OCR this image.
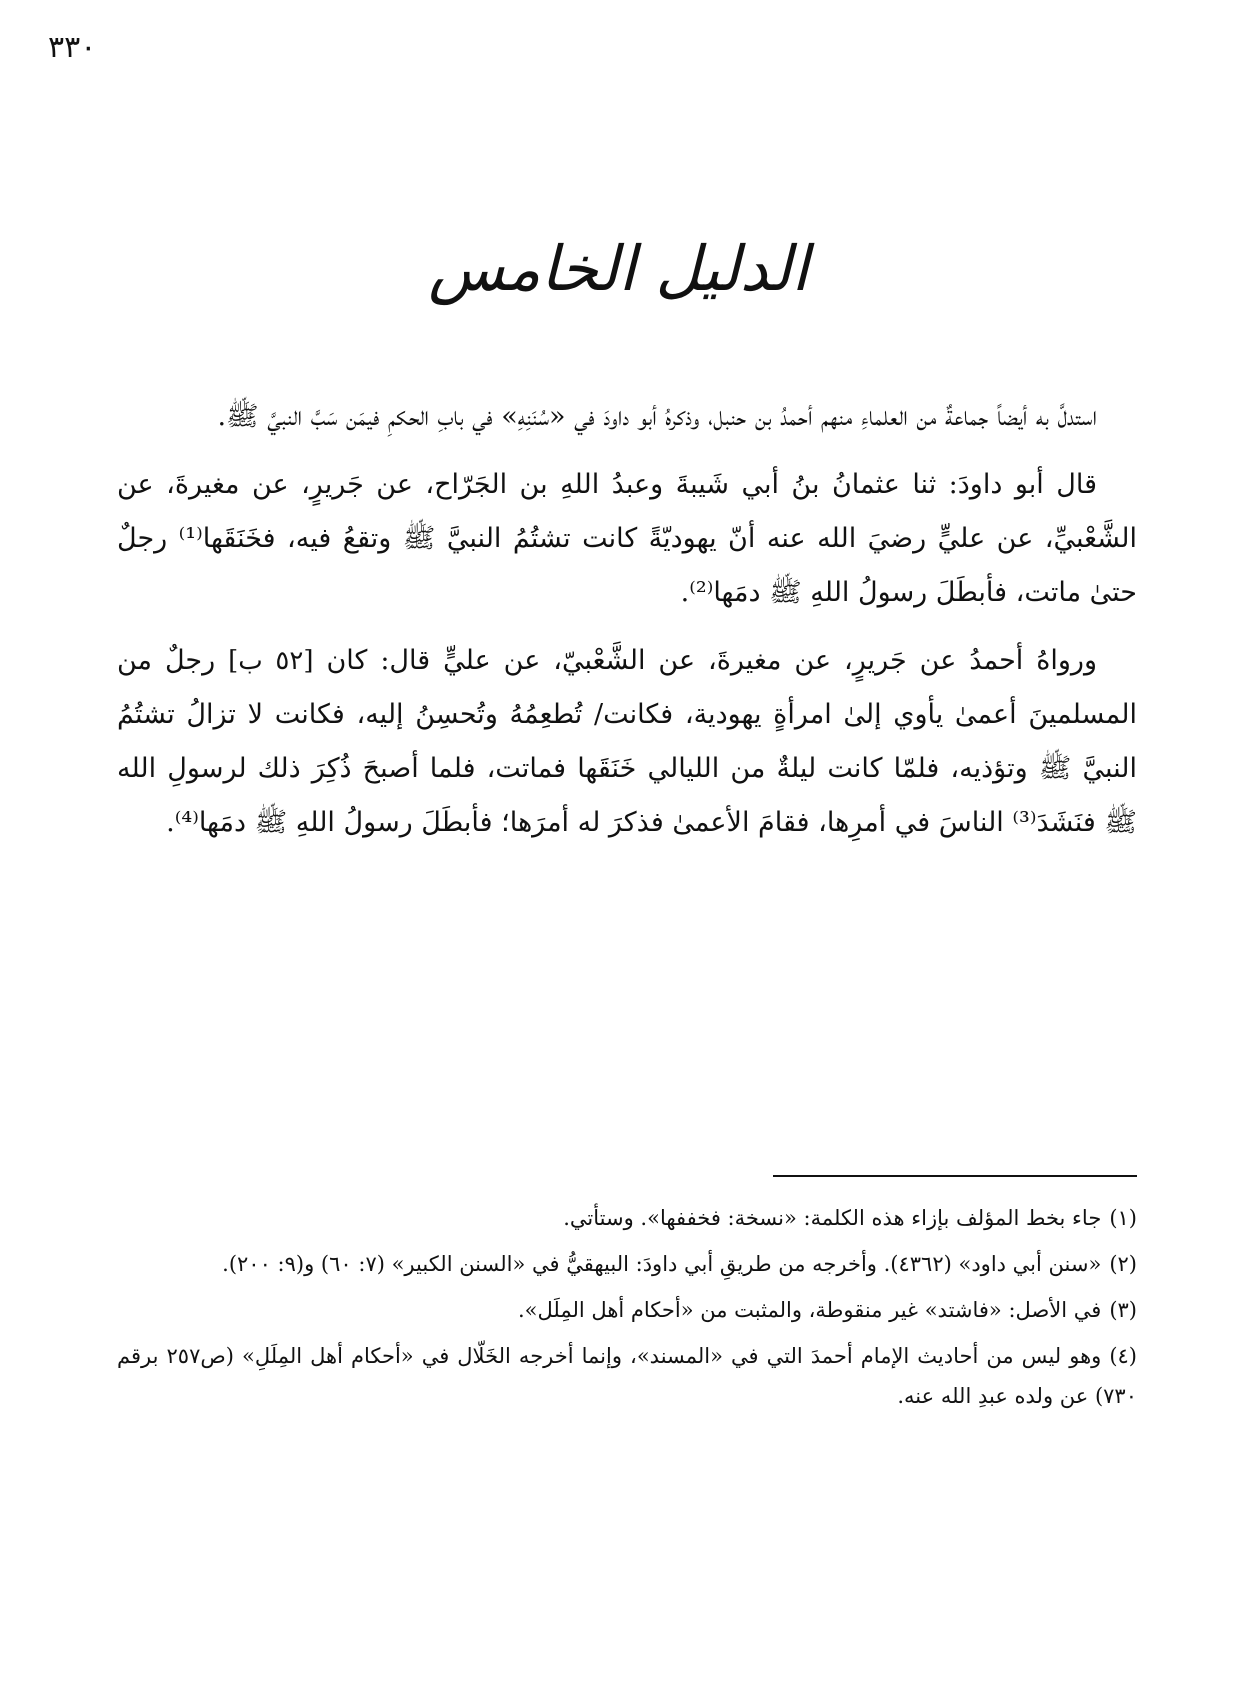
٣٣٠
الدليل الخامس

استدلَّ به أيضاً جماعةٌ من العلماءِ منهم أحمدُ بن حنبل، وذكرهُ أبو داودَ في «سُنَنِهِ» في بابِ الحكمِ فيمَن سَبَّ النبيَّ ﷺ.

قال أبو داودَ: ثنا عثمانُ بنُ أبي شَيبةَ وعبدُ اللهِ بن الجَرّاح، عن جَريرٍ، عن مغيرةَ، عن الشَّعْبيِّ، عن عليٍّ رضيَ الله عنه أنّ يهوديّةً كانت تشتُمُ النبيَّ ﷺ وتقعُ فيه، فخَنَقَها⁽¹⁾ رجلٌ حتىٰ ماتت، فأبطَلَ رسولُ اللهِ ﷺ دمَها⁽²⁾.

ورواهُ أحمدُ عن جَريرٍ، عن مغيرةَ، عن الشَّعْبيّ، عن عليٍّ قال: كان [٥٢ ب] رجلٌ من المسلمينَ أعمىٰ يأوي إلىٰ امرأةٍ يهودية، فكانت/ تُطعِمُهُ وتُحسِنُ إليه، فكانت لا تزالُ تشتُمُ النبيَّ ﷺ وتؤذيه، فلمّا كانت ليلةٌ من الليالي خَنَقَها فماتت، فلما أصبحَ ذُكِرَ ذلك لرسولِ الله ﷺ فنَشَدَ⁽³⁾ الناسَ في أمرِها، فقامَ الأعمىٰ فذكرَ له أمرَها؛ فأبطَلَ رسولُ اللهِ ﷺ دمَها⁽⁴⁾.

(١)جاء بخط المؤلف بإزاء هذه الكلمة: «نسخة: فخففها». وستأتي.

(٢)«سنن أبي داود» (٤٣٦٢). وأخرجه من طريقِ أبي داودَ: البيهقيُّ في «السنن الكبير» (٧: ٦٠) و(٩: ٢٠٠).

(٣)في الأصل: «فاشتد» غير منقوطة، والمثبت من «أحكام أهل المِلَل».

(٤)وهو ليس من أحاديث الإمام أحمدَ التي في «المسند»، وإنما أخرجه الخَلّال في «أحكام أهل المِلَلِ» (ص٢٥٧ برقم ٧٣٠) عن ولده عبدِ الله عنه.
